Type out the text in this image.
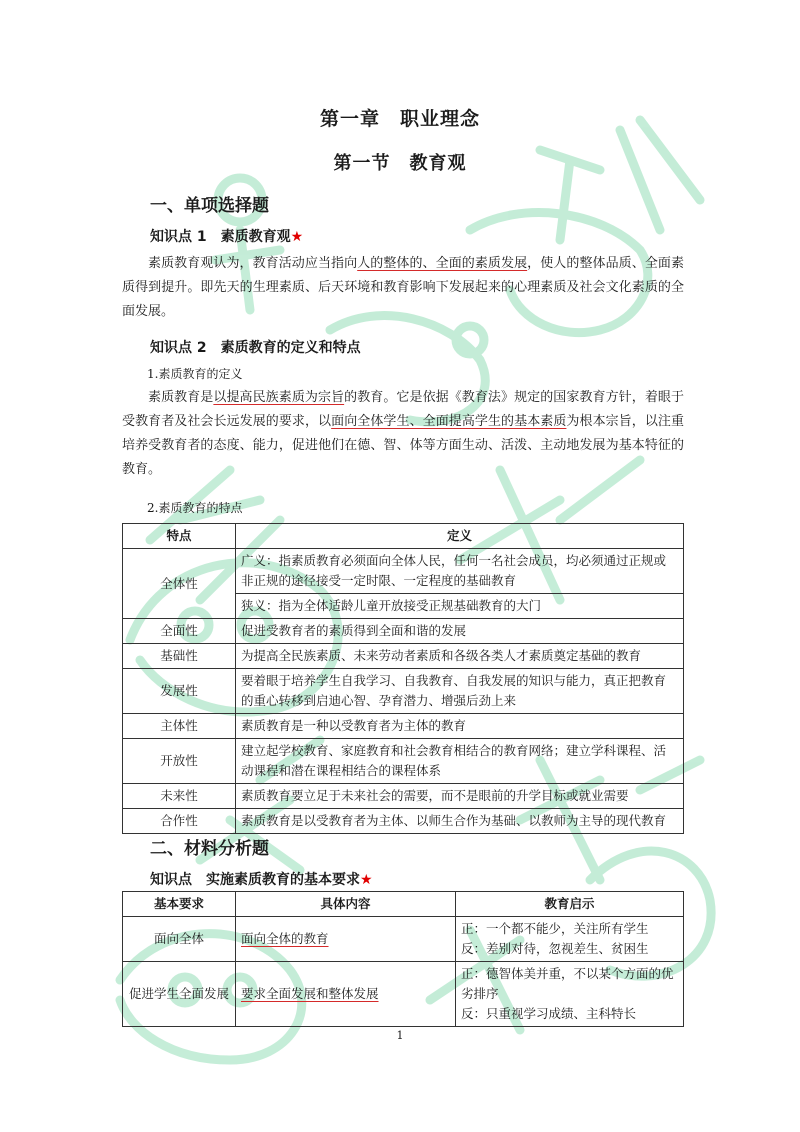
第一章　职业理念
第一节　教育观
一、单项选择题
知识点 1　素质教育观★

素质教育观认为，教育活动应当指向人的整体的、全面的素质发展，使人的整体品质、全面素质得到提升。即先天的生理素质、后天环境和教育影响下发展起来的心理素质及社会文化素质的全面发展。

知识点 2　素质教育的定义和特点
1.素质教育的定义

素质教育是以提高民族素质为宗旨的教育。它是依据《教育法》规定的国家教育方针，着眼于受教育者及社会长远发展的要求，以面向全体学生、全面提高学生的基本素质为根本宗旨，以注重培养受教育者的态度、能力，促进他们在德、智、体等方面生动、活泼、主动地发展为基本特征的教育。

2.素质教育的特点
特点	定义
全体性	广义：指素质教育必须面向全体人民，任何一名社会成员，均必须通过正规或非正规的途径接受一定时限、一定程度的基础教育
	狭义：指为全体适龄儿童开放接受正规基础教育的大门
全面性	促进受教育者的素质得到全面和谐的发展
基础性	为提高全民族素质、未来劳动者素质和各级各类人才素质奠定基础的教育
发展性	要着眼于培养学生自我学习、自我教育、自我发展的知识与能力，真正把教育的重心转移到启迪心智、孕育潜力、增强后劲上来
主体性	素质教育是一种以受教育者为主体的教育
开放性	建立起学校教育、家庭教育和社会教育相结合的教育网络；建立学科课程、活动课程和潜在课程相结合的课程体系
未来性	素质教育要立足于未来社会的需要，而不是眼前的升学目标或就业需要
合作性	素质教育是以受教育者为主体、以师生合作为基础、以教师为主导的现代教育
二、材料分析题
知识点　实施素质教育的基本要求★
基本要求	具体内容	教育启示
面向全体	面向全体的教育	正：一个都不能少，关注所有学生
反：差别对待，忽视差生、贫困生

促进学生全面发展	要求全面发展和整体发展	正：德智体美并重，不以某个方面的优劣排序
反：只重视学习成绩、主科特长
1
